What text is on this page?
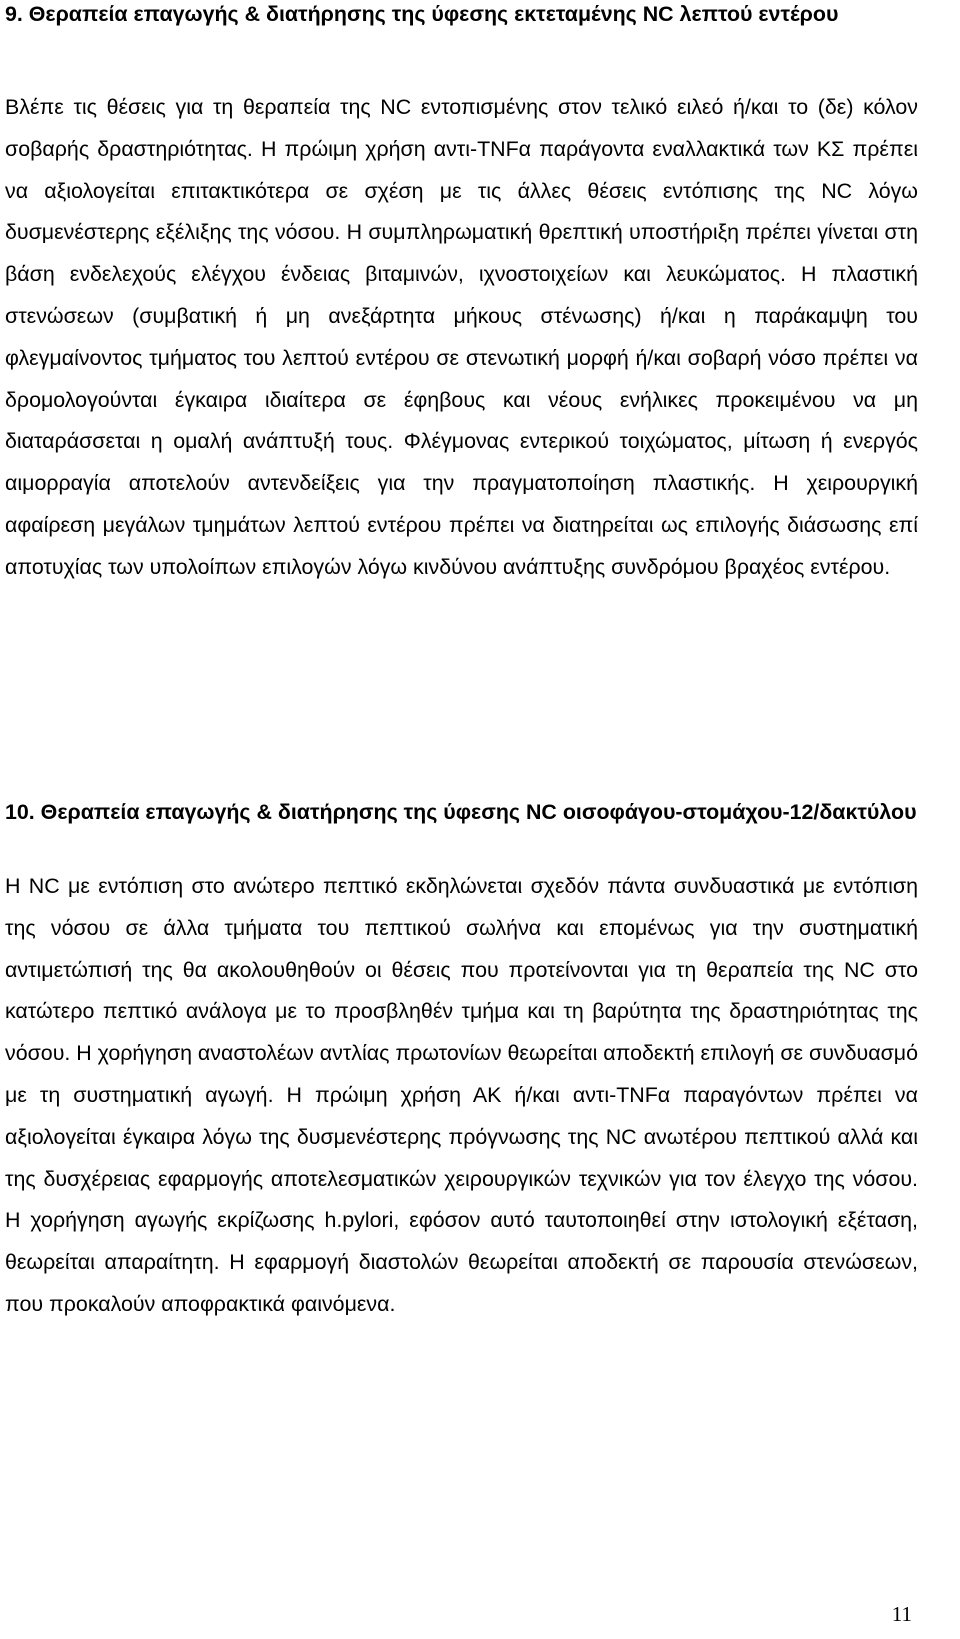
9. Θεραπεία επαγωγής & διατήρησης της ύφεσης εκτεταμένης NC λεπτού εντέρου

Βλέπε τις θέσεις για τη θεραπεία της NC εντοπισμένης στον τελικό ειλεό ή/και το (δε) κόλον σοβαρής δραστηριότητας. Η πρώιμη χρήση αντι-TNFα παράγοντα εναλλακτικά των ΚΣ πρέπει να αξιολογείται επιτακτικότερα σε σχέση με τις άλλες θέσεις εντόπισης της NC λόγω δυσμενέστερης εξέλιξης της νόσου. Η συμπληρωματική θρεπτική υποστήριξη πρέπει γίνεται στη βάση ενδελεχούς ελέγχου ένδειας βιταμινών, ιχνοστοιχείων και λευκώματος. Η πλαστική στενώσεων (συμβατική ή μη ανεξάρτητα μήκους στένωσης) ή/και η παράκαμψη του φλεγμαίνοντος τμήματος του λεπτού εντέρου σε στενωτική μορφή ή/και σοβαρή νόσο πρέπει να δρομολογούνται έγκαιρα ιδιαίτερα σε έφηβους και νέους ενήλικες προκειμένου να μη διαταράσσεται η ομαλή ανάπτυξή τους. Φλέγμονας εντερικού τοιχώματος, μίτωση ή ενεργός αιμορραγία αποτελούν αντενδείξεις για την πραγματοποίηση πλαστικής. Η χειρουργική αφαίρεση μεγάλων τμημάτων λεπτού εντέρου πρέπει να διατηρείται ως επιλογής διάσωσης επί αποτυχίας των υπολοίπων επιλογών λόγω κινδύνου ανάπτυξης συνδρόμου βραχέος εντέρου.

10. Θεραπεία επαγωγής & διατήρησης της ύφεσης NC οισοφάγου-στομάχου-12/δακτύλου

Η NC με εντόπιση στο ανώτερο πεπτικό εκδηλώνεται σχεδόν πάντα συνδυαστικά με εντόπιση της νόσου σε άλλα τμήματα του πεπτικού σωλήνα και επομένως για την συστηματική αντιμετώπισή της θα ακολουθηθούν οι θέσεις που προτείνονται για τη θεραπεία της NC στο κατώτερο πεπτικό ανάλογα με το προσβληθέν τμήμα και τη βαρύτητα της δραστηριότητας της νόσου. Η χορήγηση αναστολέων αντλίας πρωτονίων θεωρείται αποδεκτή επιλογή σε συνδυασμό με τη συστηματική αγωγή. Η πρώιμη χρήση ΑΚ ή/και αντι-TNFα παραγόντων πρέπει να αξιολογείται έγκαιρα λόγω της δυσμενέστερης πρόγνωσης της NC ανωτέρου πεπτικού αλλά και της δυσχέρειας εφαρμογής αποτελεσματικών χειρουργικών τεχνικών για τον έλεγχο της νόσου. Η χορήγηση αγωγής εκρίζωσης h.pylori, εφόσον αυτό ταυτοποιηθεί στην ιστολογική εξέταση, θεωρείται απαραίτητη. Η εφαρμογή διαστολών θεωρείται αποδεκτή σε παρουσία στενώσεων, που προκαλούν αποφρακτικά φαινόμενα.

11
